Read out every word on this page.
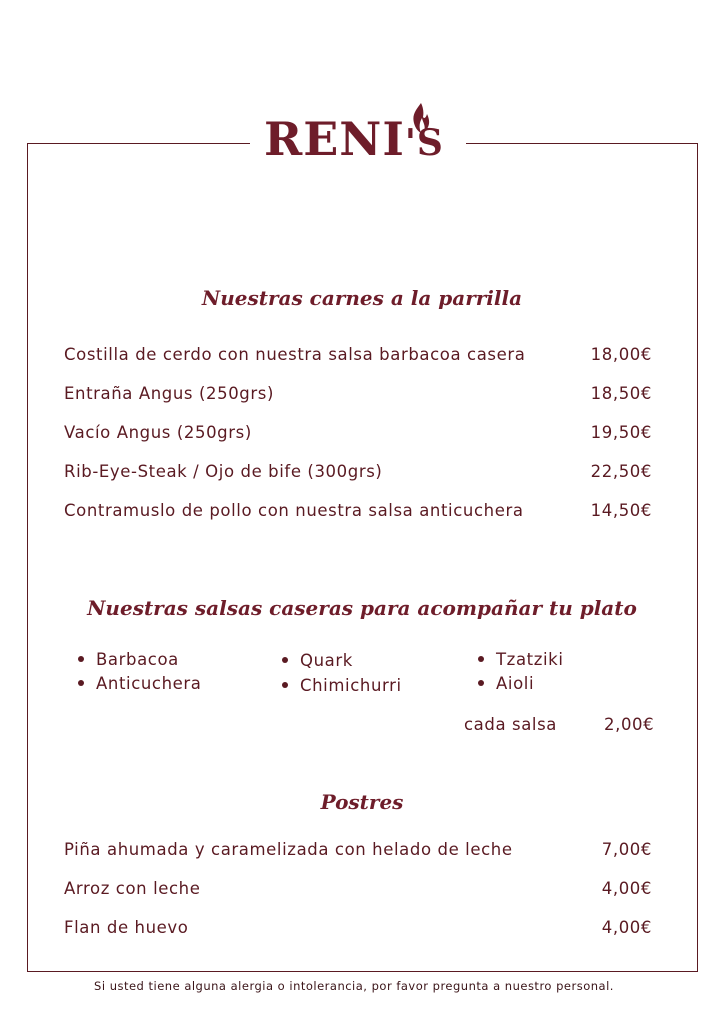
RENI'S
Nuestras carnes a la parrilla
Costilla de cerdo con nuestra salsa barbacoa casera	18,00€
Entraña Angus (250grs)	18,50€
Vacío Angus (250grs)	19,50€
Rib-Eye-Steak / Ojo de bife (300grs)	22,50€
Contramuslo de pollo con nuestra salsa anticuchera	14,50€
Nuestras salsas caseras para acompañar tu plato
Barbacoa
Anticuchera
Quark
Chimichurri
Tzatziki
Aioli
cada salsa	2,00€
Postres
Piña ahumada y caramelizada con helado de leche	7,00€
Arroz con leche	4,00€
Flan de huevo	4,00€
Si usted tiene alguna alergia o intolerancia, por favor pregunta a nuestro personal.
